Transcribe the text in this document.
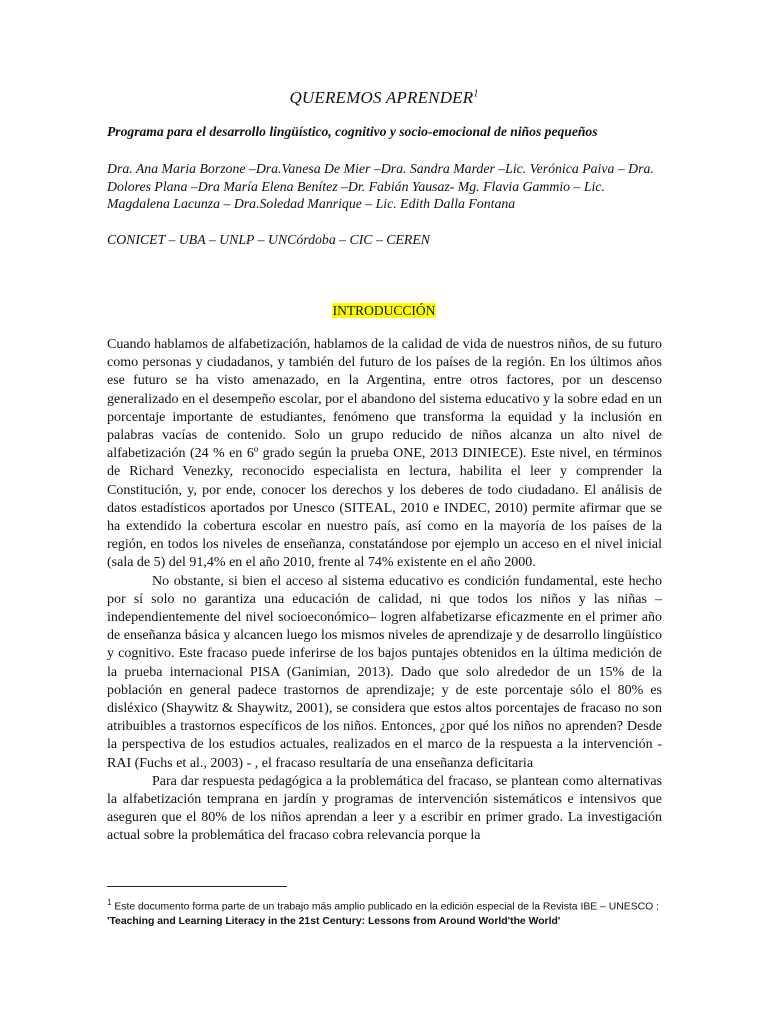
QUEREMOS APRENDER$^1$
Programa para el desarrollo lingüístico, cognitivo y socio-emocional de niños pequeños
Dra. Ana Maria Borzone –Dra.Vanesa De Mier –Dra. Sandra Marder –Lic. Verónica Paiva – Dra. Dolores Plana –Dra María Elena Benítez –Dr. Fabián Yausaz- Mg. Flavia Gammio – Lic. Magdalena Lacunza – Dra.Soledad Manrique – Lic. Edith Dalla Fontana
CONICET – UBA – UNLP – UNCórdoba – CIC – CEREN
INTRODUCCIÓN

Cuando hablamos de alfabetización, hablamos de la calidad de vida de nuestros niños, de su futuro como personas y ciudadanos, y también del futuro de los países de la región. En los últimos años ese futuro se ha visto amenazado, en la Argentina, entre otros factores, por un descenso generalizado en el desempeño escolar, por el abandono del sistema educativo y la sobre edad en un porcentaje importante de estudiantes, fenómeno que transforma la equidad y la inclusión en palabras vacías de contenido. Solo un grupo reducido de niños alcanza un alto nivel de alfabetización (24 % en 6º grado según la prueba ONE, 2013 DINIECE). Este nivel, en términos de Richard Venezky, reconocido especialista en lectura, habilita el leer y comprender la Constitución, y, por ende, conocer los derechos y los deberes de todo ciudadano. El análisis de datos estadísticos aportados por Unesco (SITEAL, 2010 e INDEC, 2010) permite afirmar que se ha extendido la cobertura escolar en nuestro país, así como en la mayoría de los países de la región, en todos los niveles de enseñanza, constatándose por ejemplo un acceso en el nivel inicial (sala de 5) del 91,4% en el año 2010, frente al 74% existente en el año 2000.

No obstante, si bien el acceso al sistema educativo es condición fundamental, este hecho por sí solo no garantiza una educación de calidad, ni que todos los niños y las niñas – independientemente del nivel socioeconómico– logren alfabetizarse eficazmente en el primer año de enseñanza básica y alcancen luego los mismos niveles de aprendizaje y de desarrollo lingüístico y cognitivo. Este fracaso puede inferirse de los bajos puntajes obtenidos en la última medición de la prueba internacional PISA (Ganimian, 2013). Dado que solo alrededor de un 15% de la población en general padece trastornos de aprendizaje; y de este porcentaje sólo el 80% es disléxico (Shaywitz & Shaywitz, 2001), se considera que estos altos porcentajes de fracaso no son atribuibles a trastornos específicos de los niños. Entonces, ¿por qué los niños no aprenden? Desde la perspectiva de los estudios actuales, realizados en el marco de la respuesta a la intervención - RAI (Fuchs et al., 2003) - , el fracaso resultaría de una enseñanza deficitaria

Para dar respuesta pedagógica a la problemática del fracaso, se plantean como alternativas la alfabetización temprana en jardín y programas de intervención sistemáticos e intensivos que aseguren que el 80% de los niños aprendan a leer y a escribir en primer grado. La investigación actual sobre la problemática del fracaso cobra relevancia porque la

$^1$ Este documento forma parte de un trabajo más amplio publicado en la edición especial de la Revista IBE – UNESCO : 'Teaching and Learning Literacy in the 21st Century: Lessons from Around World'the World'
